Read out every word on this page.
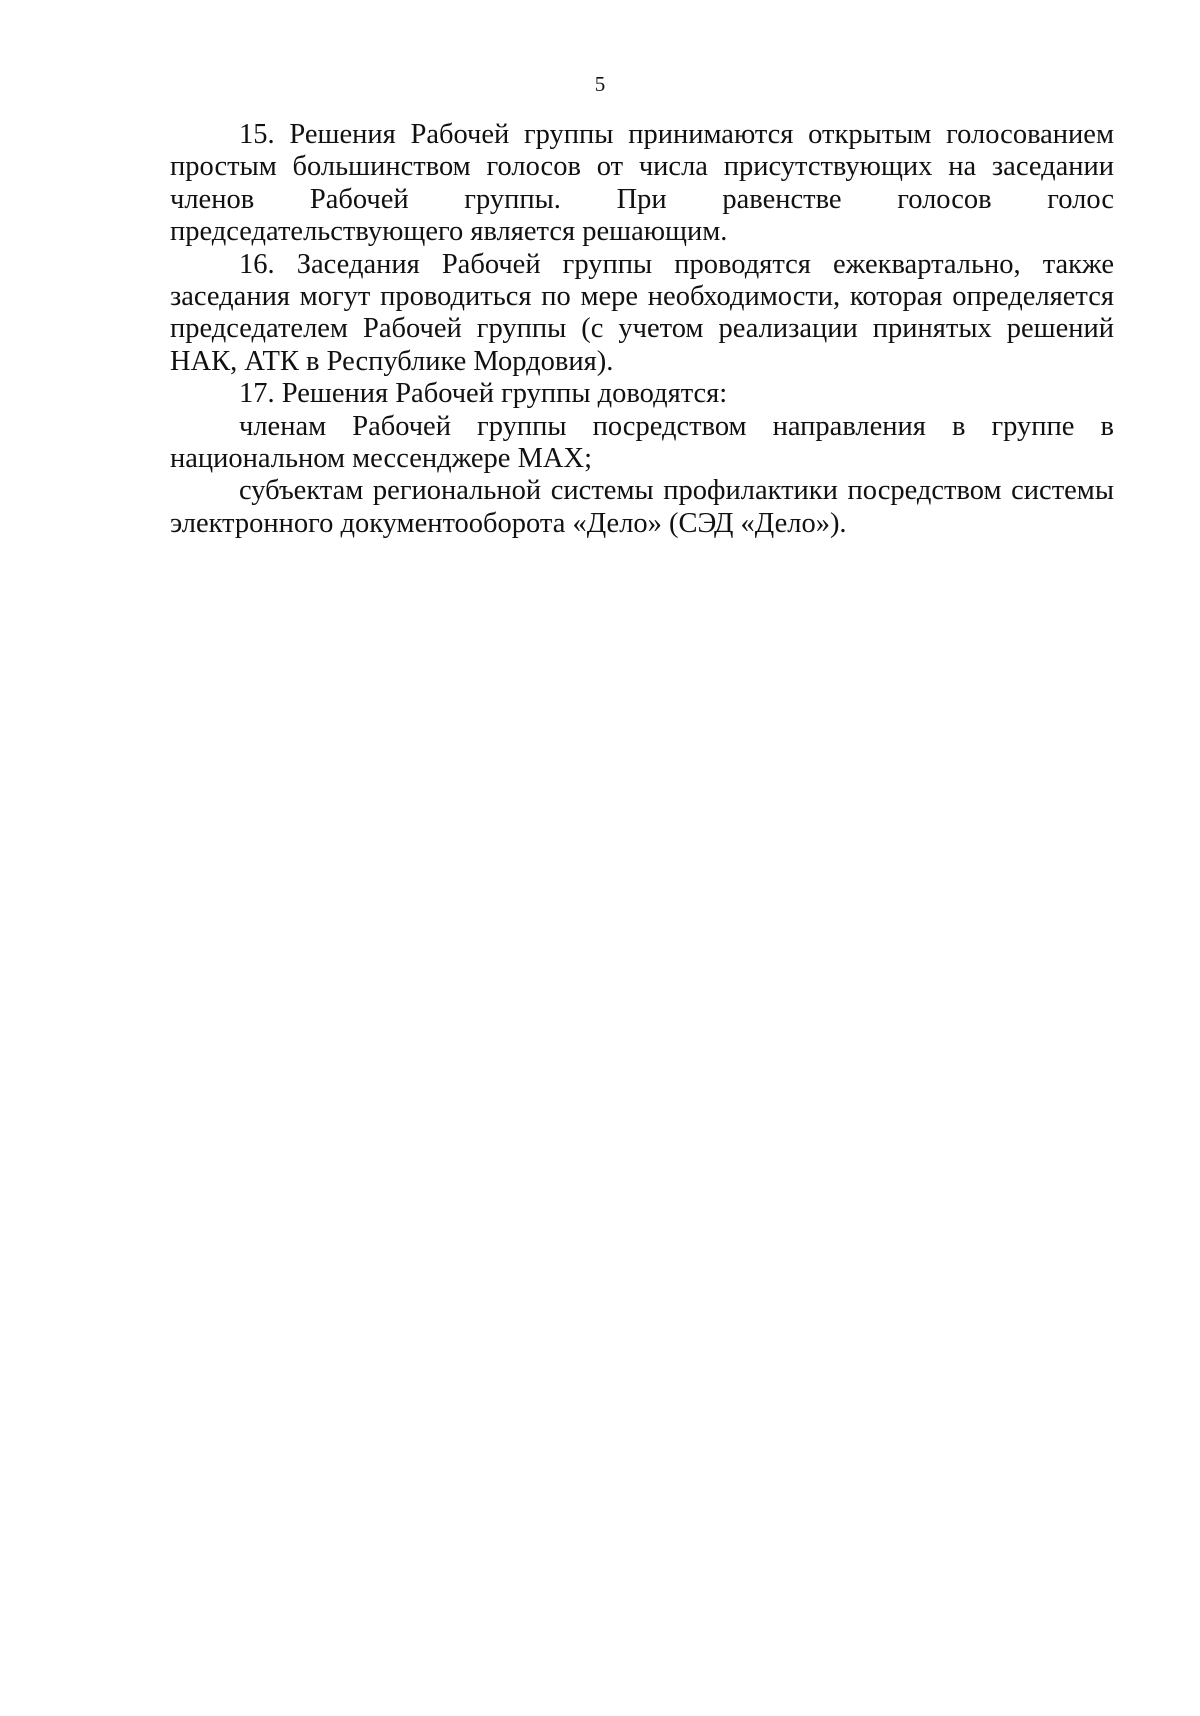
5

15. Решения Рабочей группы принимаются открытым голосованием
простым большинством голосов от числа присутствующих на заседании
членов Рабочей группы. При равенстве голосов голос
председательствующего является решающим.

16. Заседания Рабочей группы проводятся ежеквартально, также
заседания могут проводиться по мере необходимости, которая определяется
председателем Рабочей группы (с учетом реализации принятых решений
НАК, АТК в Республике Мордовия).

17. Решения Рабочей группы доводятся:

членам Рабочей группы посредством направления в группе в
национальном мессенджере MAX;

субъектам региональной системы профилактики посредством системы
электронного документооборота «Дело» (СЭД «Дело»).
